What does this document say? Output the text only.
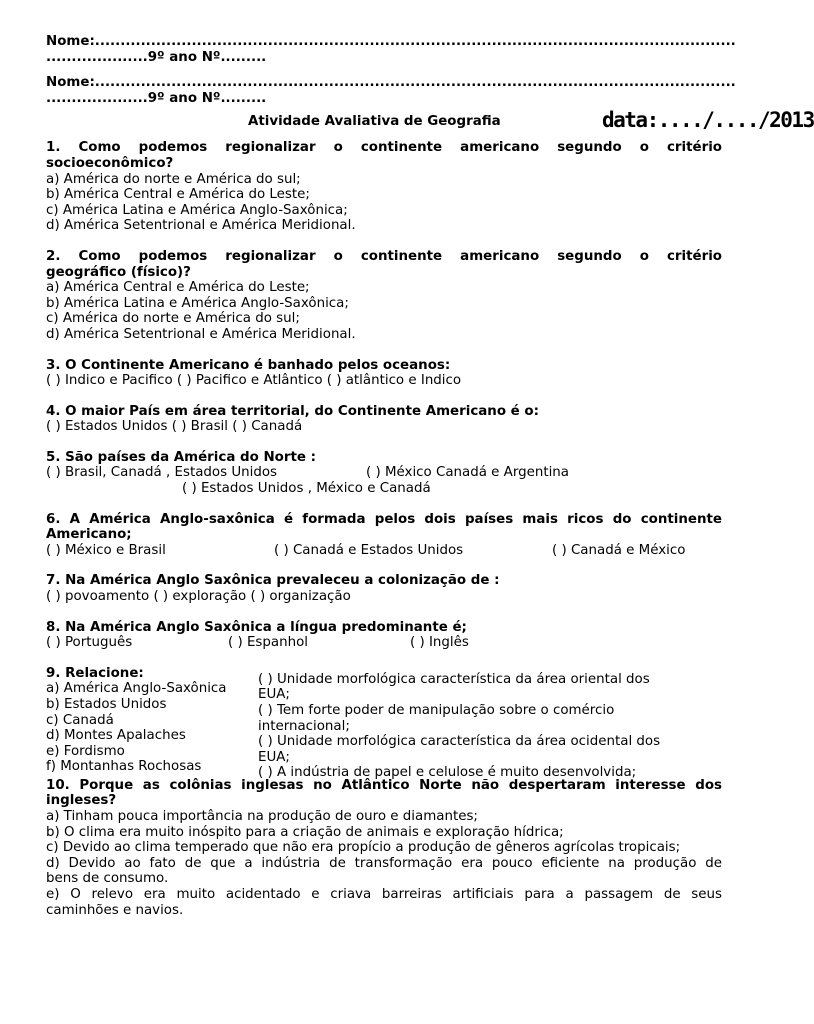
Nome:..............................................................................................................................
....................9º ano Nº.........
Nome:..............................................................................................................................
....................9º ano Nº.........
Atividade Avaliativa de Geografia	data:..../..../2013
1. Como podemos regionalizar o continente americano segundo o critério
socioeconômico?
a) América do norte e América do sul;
b) América Central e América do Leste;
c) América Latina e América Anglo-Saxônica;
d) América Setentrional e América Meridional.
2. Como podemos regionalizar o continente americano segundo o critério
geográfico (físico)?
a) América Central e América do Leste;
b) América Latina e América Anglo-Saxônica;
c) América do norte e América do sul;
d) América Setentrional e América Meridional.
3. O Continente Americano é banhado pelos oceanos:
( ) Indico e Pacifico ( ) Pacifico e Atlântico ( ) atlântico e Indico
4. O maior País em área territorial, do Continente Americano é o:
( ) Estados Unidos ( ) Brasil ( ) Canadá
5. São países da América do Norte :
( ) Brasil, Canadá , Estados Unidos	( ) México Canadá e Argentina
( ) Estados Unidos , México e Canadá
6. A América Anglo-saxônica é formada pelos dois países mais ricos do continente
Americano;
( ) México e Brasil	( ) Canadá e Estados Unidos	( ) Canadá e México
7. Na América Anglo Saxônica prevaleceu a colonização de :
( ) povoamento ( ) exploração ( ) organização
8. Na América Anglo Saxônica a língua predominante é;
( ) Português	( ) Espanhol	( ) Inglês
9. Relacione:
a) América Anglo-Saxônica
b) Estados Unidos
c) Canadá
d) Montes Apalaches
e) Fordismo
f) Montanhas Rochosas
( ) Unidade morfológica característica da área oriental dos
EUA;
( ) Tem forte poder de manipulação sobre o comércio
internacional;
( ) Unidade morfológica característica da área ocidental dos
EUA;
( ) A indústria de papel e celulose é muito desenvolvida;
10. Porque as colônias inglesas no Atlântico Norte não despertaram interesse dos
ingleses?
a) Tinham pouca importância na produção de ouro e diamantes;
b) O clima era muito inóspito para a criação de animais e exploração hídrica;
c) Devido ao clima temperado que não era propício a produção de gêneros agrícolas tropicais;
d) Devido ao fato de que a indústria de transformação era pouco eficiente na produção de
bens de consumo.
e) O relevo era muito acidentado e criava barreiras artificiais para a passagem de seus
caminhões e navios.
